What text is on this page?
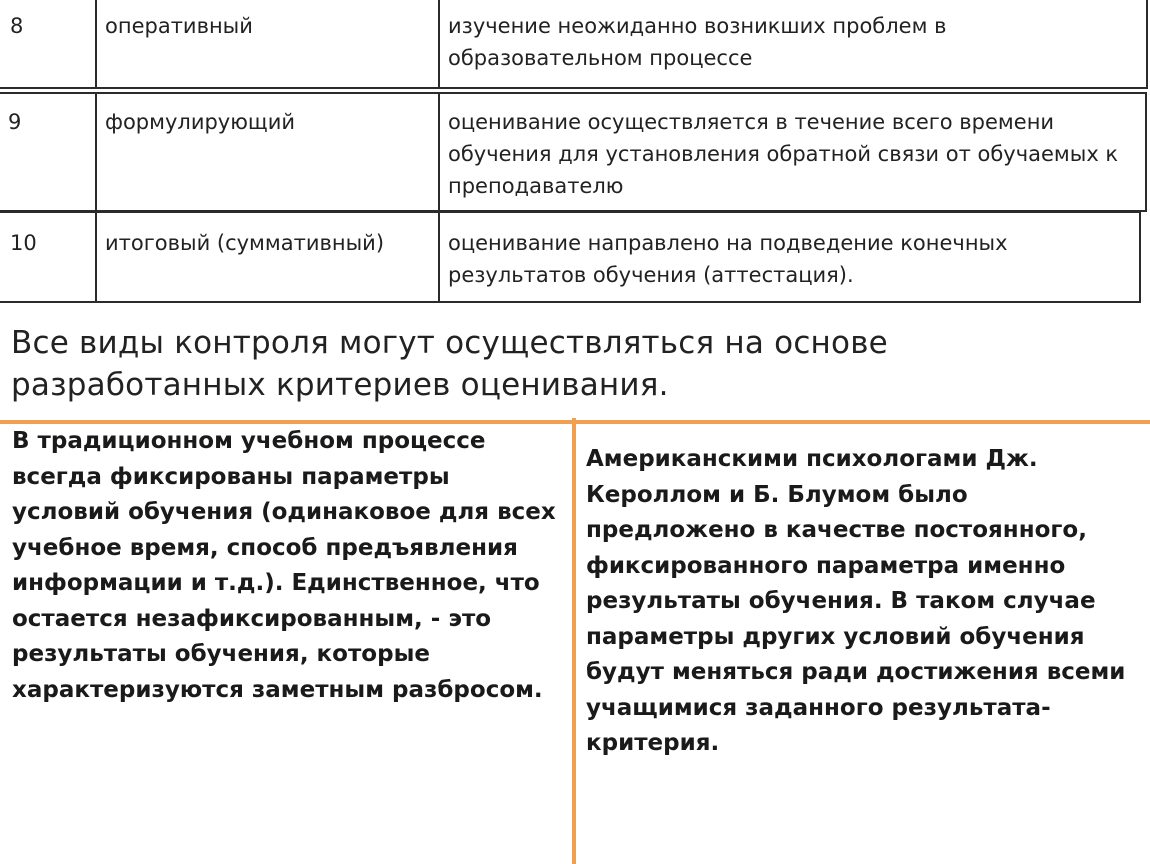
8	оперативный	изучение неожиданно возникших проблем в образовательном процессе
9	формулирующий	оценивание осуществляется в течение всего времени обучения для установления обратной связи от обучаемых к преподавателю
10	итоговый (суммативный)	оценивание направлено на подведение конечных результатов обучения (аттестация).
Все виды контроля могут осуществляться на основе разработанных критериев оценивания.
В традиционном учебном процессе всегда фиксированы параметры условий обучения (одинаковое для всех учебное время, способ предъявления информации и т.д.). Единственное, что остается незафиксированным, - это результаты обучения, которые характеризуются заметным разбросом.
Американскими психологами Дж. Кероллом и Б. Блумом было предложено в качестве постоянного, фиксированного параметра именно результаты обучения. В таком случае параметры других условий обучения будут меняться ради достижения всеми учащимися заданного результата-критерия.
